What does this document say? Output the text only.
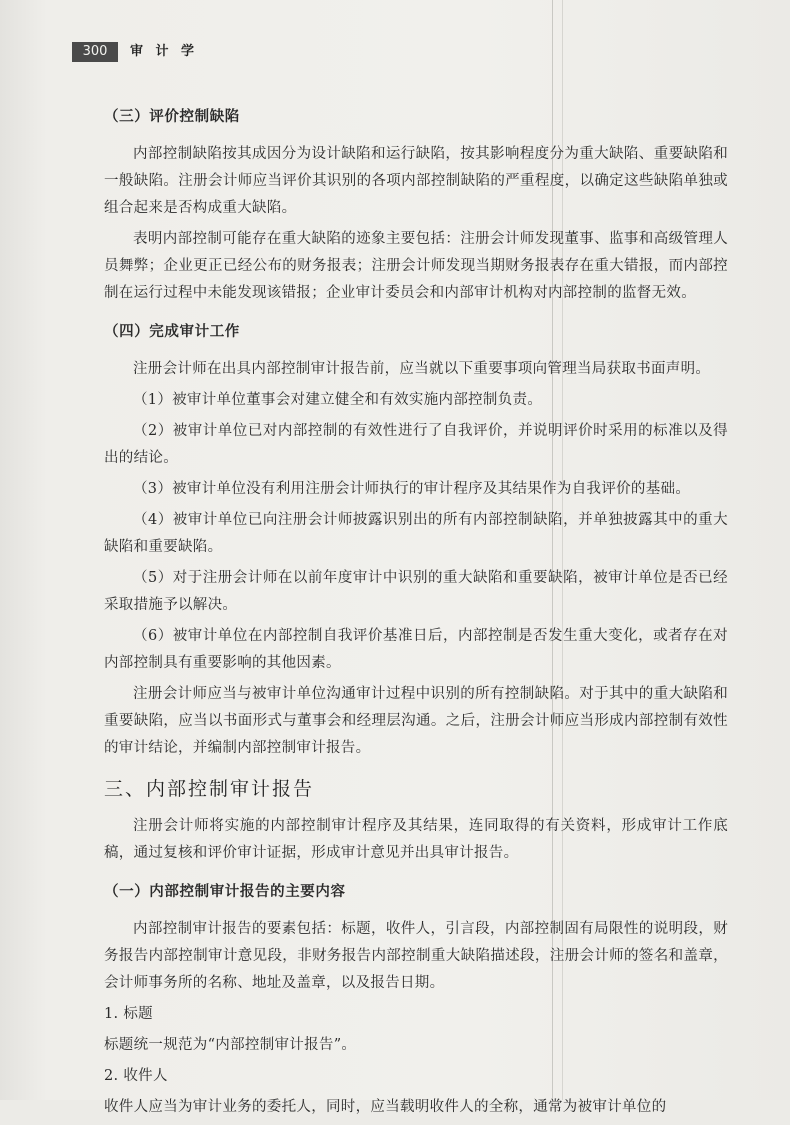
300	审 计 学
（三）评价控制缺陷

内部控制缺陷按其成因分为设计缺陷和运行缺陷，按其影响程度分为重大缺陷、重要缺陷和一般缺陷。注册会计师应当评价其识别的各项内部控制缺陷的严重程度，以确定这些缺陷单独或组合起来是否构成重大缺陷。

表明内部控制可能存在重大缺陷的迹象主要包括：注册会计师发现董事、监事和高级管理人员舞弊；企业更正已经公布的财务报表；注册会计师发现当期财务报表存在重大错报，而内部控制在运行过程中未能发现该错报；企业审计委员会和内部审计机构对内部控制的监督无效。

（四）完成审计工作

注册会计师在出具内部控制审计报告前，应当就以下重要事项向管理当局获取书面声明。

（1）被审计单位董事会对建立健全和有效实施内部控制负责。

（2）被审计单位已对内部控制的有效性进行了自我评价，并说明评价时采用的标准以及得出的结论。

（3）被审计单位没有利用注册会计师执行的审计程序及其结果作为自我评价的基础。

（4）被审计单位已向注册会计师披露识别出的所有内部控制缺陷，并单独披露其中的重大缺陷和重要缺陷。

（5）对于注册会计师在以前年度审计中识别的重大缺陷和重要缺陷，被审计单位是否已经采取措施予以解决。

（6）被审计单位在内部控制自我评价基准日后，内部控制是否发生重大变化，或者存在对内部控制具有重要影响的其他因素。

注册会计师应当与被审计单位沟通审计过程中识别的所有控制缺陷。对于其中的重大缺陷和重要缺陷，应当以书面形式与董事会和经理层沟通。之后，注册会计师应当形成内部控制有效性的审计结论，并编制内部控制审计报告。

三、内部控制审计报告

注册会计师将实施的内部控制审计程序及其结果，连同取得的有关资料，形成审计工作底稿，通过复核和评价审计证据，形成审计意见并出具审计报告。

（一）内部控制审计报告的主要内容

内部控制审计报告的要素包括：标题，收件人，引言段，内部控制固有局限性的说明段，财务报告内部控制审计意见段，非财务报告内部控制重大缺陷描述段，注册会计师的签名和盖章，会计师事务所的名称、地址及盖章，以及报告日期。

1. 标题

标题统一规范为“内部控制审计报告”。

2. 收件人

收件人应当为审计业务的委托人，同时，应当载明收件人的全称，通常为被审计单位的
